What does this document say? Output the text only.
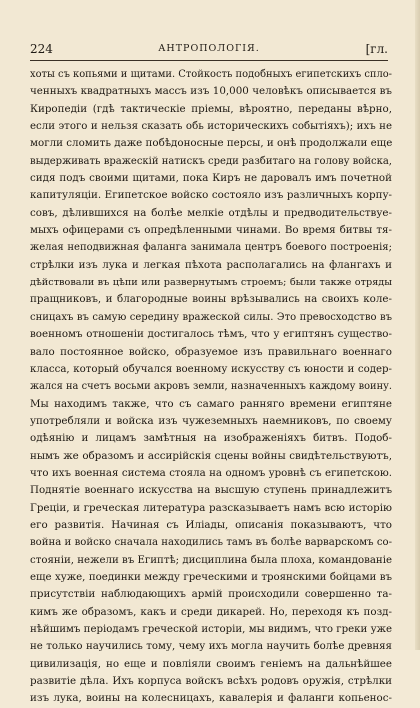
224	АНТРОПОЛОГІЯ.	[гл.
хоты съ копьями и щитами. Стойкость подобныхъ египетскихъ спло-
ченныхъ квадратныхъ массъ изъ 10,000 человѣкъ описывается въ
Киропедіи (гдѣ тактическіе пріемы, вѣроятно, переданы вѣрно,
если этого и нельзя сказать обь историческихъ событіяхъ); ихъ не
могли сломить даже побѣдоносные персы, и онѣ продолжали еще
выдерживать вражескій натискъ среди разбитаго на голову войска,
сидя подъ своими щитами, пока Киръ не даровалъ имъ почетной
капитуляціи. Египетское войско состояло изъ различныхъ корпу-
совъ, дѣлившихся на болѣе мелкіе отдѣлы и предводительствуе-
мыхъ офицерами съ опредѣленными чинами. Во время битвы тя-
желая неподвижная фаланга занимала центръ боевого построенія;
стрѣлки изъ лука и легкая пѣхота располагались на флангахъ и
дѣйствовали въ цѣпи или развернутымъ строемъ; были также отряды
пращниковъ, и благородные воины врѣзывались на своихъ коле-
сницахъ въ самую середину вражеской силы. Это превосходство въ
военномъ отношеніи достигалось тѣмъ, что у египтянъ существо-
вало постоянное войско, образуемое изъ правильнаго военнаго
класса, который обучался военному искусству съ юности и содер-
жался на счетъ восьми акровъ земли, назначенныхъ каждому воину.
Мы находимъ также, что съ самаго ранняго времени египтяне
употребляли и войска изъ чужеземныхъ наемниковъ, по своему
одѣянію и лицамъ замѣтныя на изображеніяхъ битвъ. Подоб-
нымъ же образомъ и ассирійскія сцены войны свидѣтельствуютъ,
что ихъ военная система стояла на одномъ уровнѣ съ египетскою.
Поднятіе военнаго искусства на высшую ступень принадлежитъ
Греціи, и греческая литература разсказываетъ намъ всю исторію
его развитія. Начиная съ Иліады, описанія показываютъ, что
война и войско сначала находились тамъ въ болѣе варварскомъ со-
стояніи, нежели въ Египтѣ; дисциплина была плоха, командованіе
еще хуже, поединки между греческими и троянскими бойцами въ
присутствіи наблюдающихъ армій происходили совершенно та-
кимъ же образомъ, какъ и среди дикарей. Но, переходя къ позд-
нѣйшимъ періодамъ греческой исторіи, мы видимъ, что греки уже
не только научились тому, чему ихъ могла научить болѣе древняя
цивилизація, но еще и повліяли своимъ геніемъ на дальнѣйшее
развитіе дѣла. Ихъ корпуса войскъ всѣхъ родовъ оружія, стрѣлки
изъ лука, воины на колесницахъ, кавалерія и фаланги копьенос-
